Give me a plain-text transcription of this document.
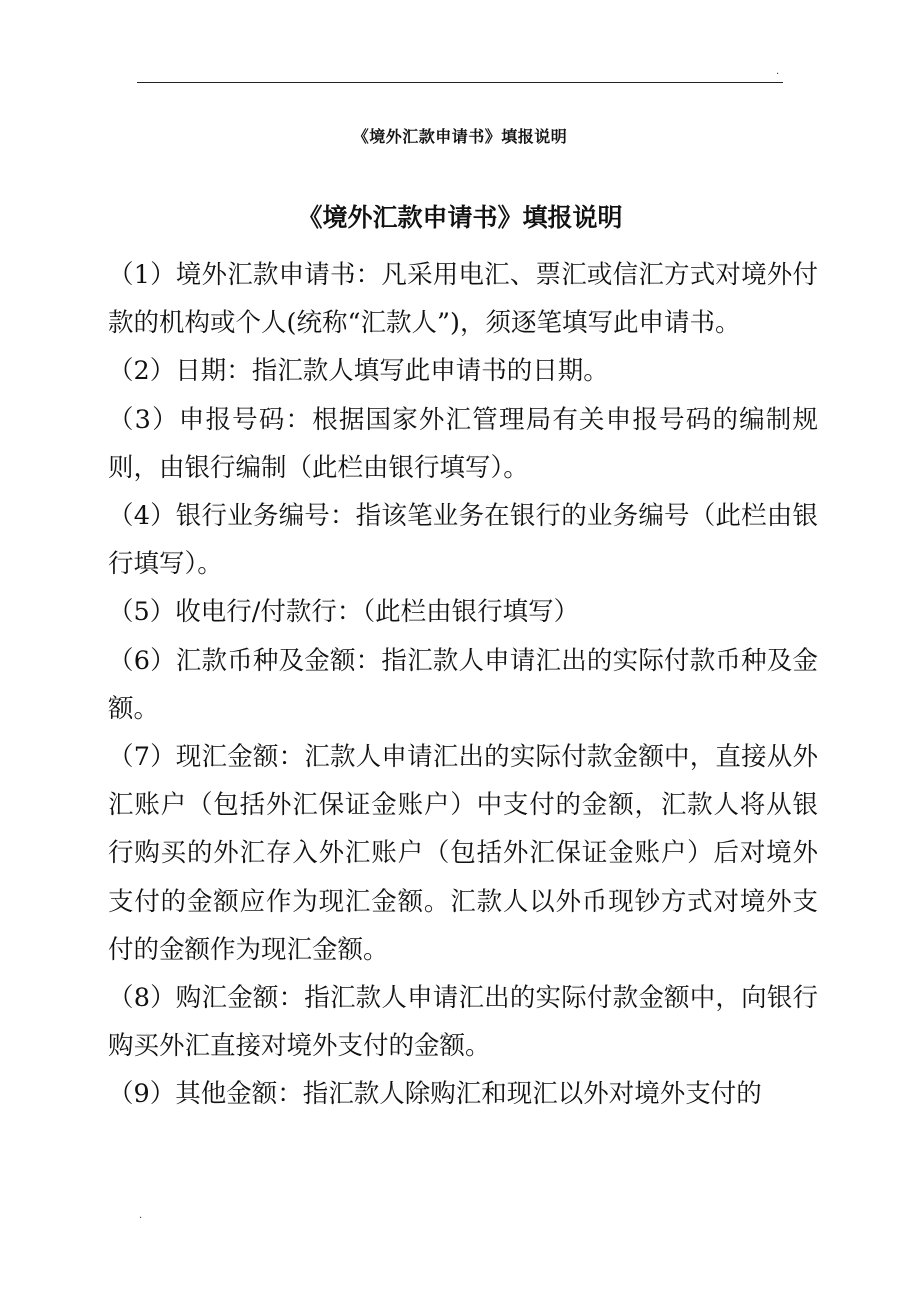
.
《境外汇款申请书》填报说明
《境外汇款申请书》填报说明
（1）境外汇款申请书：凡采用电汇、票汇或信汇方式对境外付款的机构或个人(统称“汇款人”)，须逐笔填写此申请书。
（2）日期：指汇款人填写此申请书的日期。
（3）申报号码：根据国家外汇管理局有关申报号码的编制规则，由银行编制（此栏由银行填写）。
（4）银行业务编号：指该笔业务在银行的业务编号（此栏由银行填写）。
（5）收电行/付款行：（此栏由银行填写）
（6）汇款币种及金额：指汇款人申请汇出的实际付款币种及金额。
（7）现汇金额：汇款人申请汇出的实际付款金额中，直接从外汇账户（包括外汇保证金账户）中支付的金额，汇款人将从银行购买的外汇存入外汇账户（包括外汇保证金账户）后对境外支付的金额应作为现汇金额。汇款人以外币现钞方式对境外支付的金额作为现汇金额。
（8）购汇金额：指汇款人申请汇出的实际付款金额中，向银行购买外汇直接对境外支付的金额。
（9）其他金额：指汇款人除购汇和现汇以外对境外支付的
.
